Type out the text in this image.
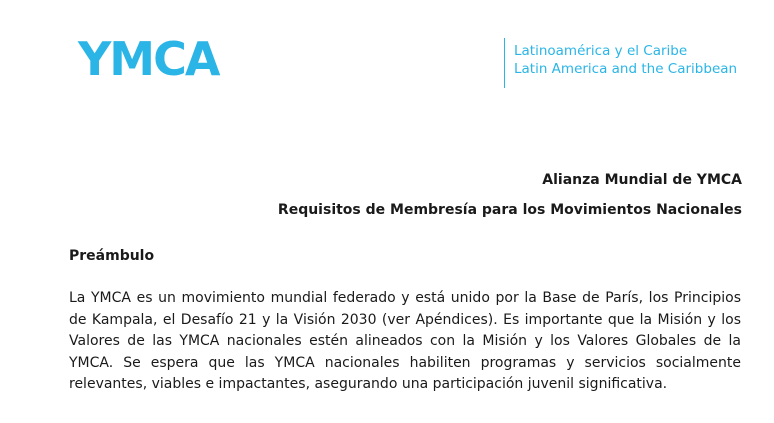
YMCA	Latinoamérica y el Caribe
Latin America and the Caribbean
Alianza Mundial de YMCA
Requisitos de Membresía para los Movimientos Nacionales
Preámbulo
La YMCA es un movimiento mundial federado y está unido por la Base de París, los Principios de Kampala, el Desafío 21 y la Visión 2030 (ver Apéndices). Es importante que la Misión y los Valores de las YMCA nacionales estén alineados con la Misión y los Valores Globales de la YMCA. Se espera que las YMCA nacionales habiliten programas y servicios socialmente relevantes, viables e impactantes, asegurando una participación juvenil significativa.
